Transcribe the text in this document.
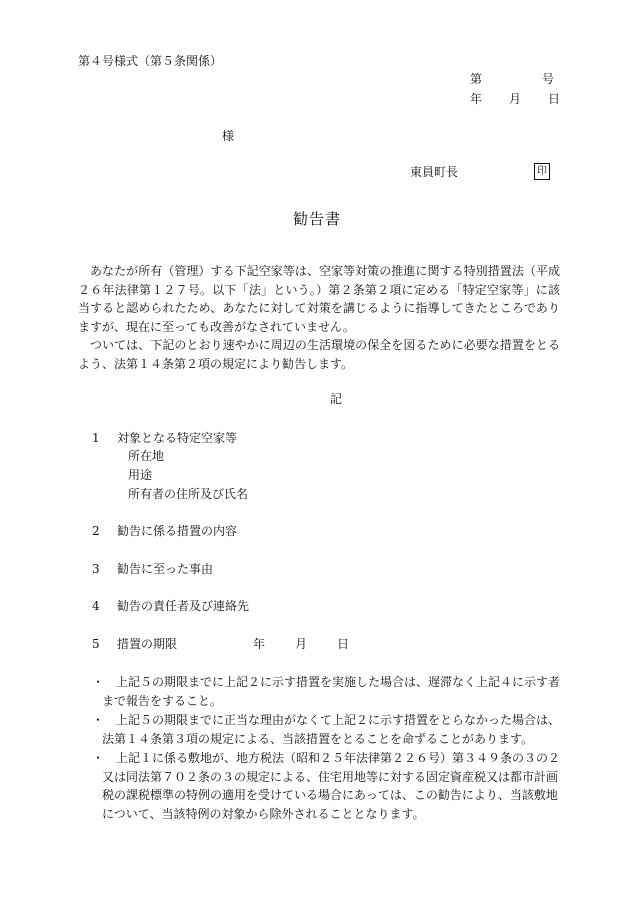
第４号様式（第５条関係）
第　　　　　号
年　　月　　日
様
東員町長	印
勧告書
あなたが所有（管理）する下記空家等は、空家等対策の推進に関する特別措置法（平成２６年法律第１２７号。以下「法」という。）第２条第２項に定める「特定空家等」に該当すると認められたため、あなたに対して対策を講じるように指導してきたところでありますが、現在に至っても改善がなされていません。
ついては、下記のとおり速やかに周辺の生活環境の保全を図るために必要な措置をとるよう、法第１４条第２項の規定により勧告します。
記
1 対象となる特定空家等
所在地
用途
所有者の住所及び氏名
2 勧告に係る措置の内容
3 勧告に至った事由
4 勧告の責任者及び連絡先
5 措置の期限	年　　月　　日
・ 上記５の期限までに上記２に示す措置を実施した場合は、遅滞なく上記４に示す者まで報告をすること。
・ 上記５の期限までに正当な理由がなくて上記２に示す措置をとらなかった場合は、法第１４条第３項の規定による、当該措置をとることを命ずることがあります。
・ 上記１に係る敷地が、地方税法（昭和２５年法律第２２６号）第３４９条の３の２又は同法第７０２条の３の規定による、住宅用地等に対する固定資産税又は都市計画税の課税標準の特例の適用を受けている場合にあっては、この勧告により、当該敷地について、当該特例の対象から除外されることとなります。
